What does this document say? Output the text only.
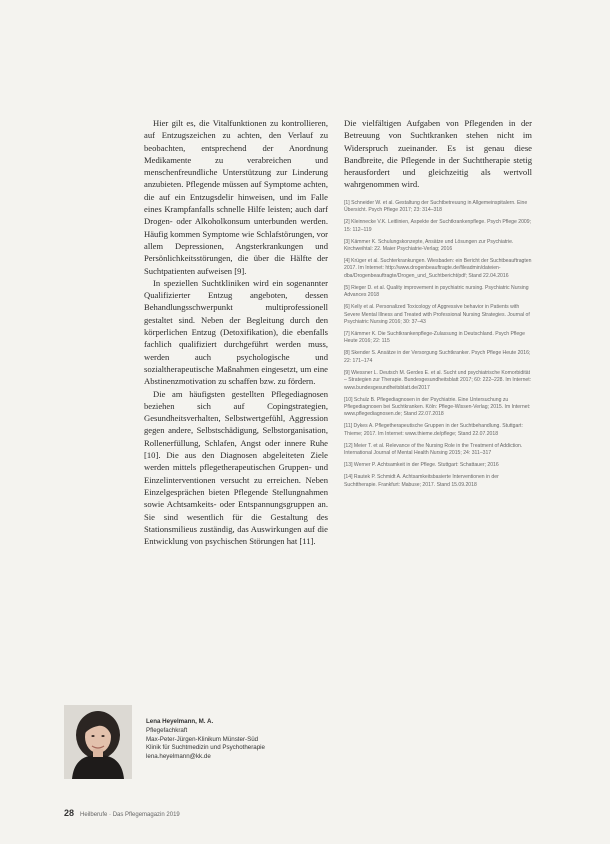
Hier gilt es, die Vitalfunktionen zu kontrollieren, auf Entzugszeichen zu achten, den Verlauf zu beobachten, entsprechend der Anordnung Medikamente zu verabreichen und menschenfreundliche Unterstützung zur Linderung anzubieten. Pflegende müssen auf Symptome achten, die auf ein Entzugsdelir hinweisen, und im Falle eines Krampfanfalls schnelle Hilfe leisten; auch darf Drogen- oder Alkoholkonsum unterbunden werden. Häufig kommen Symptome wie Schlafstörungen, vor allem Depressionen, Angsterkrankungen und Persönlichkeitsstörungen, die über die Hälfte der Suchtpatienten aufweisen [9].

In speziellen Suchtkliniken wird ein sogenannter Qualifizierter Entzug angeboten, dessen Behandlungsschwerpunkt multiprofessionell gestaltet sind. Neben der Begleitung durch den körperlichen Entzug (Detoxifikation), die ebenfalls fachlich qualifiziert durchgeführt werden muss, werden auch psychologische und sozialtherapeutische Maßnahmen eingesetzt, um eine Abstinenzmotivation zu schaffen bzw. zu fördern.

Die am häufigsten gestellten Pflegediagnosen beziehen sich auf Copingstrategien, Gesundheitsverhalten, Selbstwertgefühl, Aggression gegen andere, Selbstschädigung, Selbstorganisation, Rollenerfüllung, Schlafen, Angst oder innere Ruhe [10]. Die aus den Diagnosen abgeleiteten Ziele werden mittels pflegetherapeutischen Gruppen- und Einzelinterventionen versucht zu erreichen. Neben Einzelgesprächen bieten Pflegende Stellungnahmen sowie Achtsamkeits- oder Entspannungsgruppen an. Sie sind wesentlich für die Gestaltung des Stationsmilieus zuständig, das Auswirkungen auf die Entwicklung von psychischen Störungen hat [11].

Die vielfältigen Aufgaben von Pflegenden in der Betreuung von Suchtkranken stehen nicht im Widerspruch zueinander. Es ist genau diese Bandbreite, die Pflegende in der Suchttherapie stetig herausfordert und gleichzeitig als wertvoll wahrgenommen wird.

[1] Schneider W. et al. Gestaltung der Suchtbetreuung in Allgemeinspitalern. Eine Übersicht. Psych Pflege 2017; 23: 314–318

[2] Kleinnecke V.K. Leitlinien, Aspekte der Suchtkrankenpflege. Psych Pflege 2009; 15: 112–119

[3] Kämmer K. Schulungskonzepte, Ansätze und Lösungen zur Psychiatrie. Kirchweihtal: 22. Maier Psychiatrie-Verlag; 2016

[4] Krüger et al. Suchterkrankungen. Wiesbaden: ein Bericht der Suchtbeauftragten 2017. Im Internet: http://www.drogenbeauftragte.de/fileadmin/dateien-dba/Drogenbeauftragte/Drogen_und_Suchtbericht/pdf; Stand 22.04.2016

[5] Rieger D. et al. Quality improvement in psychiatric nursing. Psychiatric Nursing Advances 2018

[6] Kelly et al. Personalized Toxicology of Aggressive behavior in Patients with Severe Mental Illness and Treated with Professional Nursing Strategies. Journal of Psychiatric Nursing 2016; 30: 37–43

[7] Kämmer K. Die Suchtkrankenpflege-Zulassung in Deutschland. Psych Pflege Heute 2016; 22: 115

[8] Skender S. Ansätze in der Versorgung Suchtkranker. Psych Pflege Heute 2016; 22: 171–174

[9] Wiessner L. Deutsch M. Gerdes E. et al. Sucht und psychiatrische Komorbidität – Strategien zur Therapie. Bundesgesundheitsblatt 2017; 60: 222–228. Im Internet: www.bundesgesundheitsblatt.de/2017

[10] Schulz B. Pflegediagnosen in der Psychiatrie. Eine Untersuchung zu Pflegediagnosen bei Suchtkranken. Köln: Pflege-Wissen-Verlag; 2015. Im Internet: www.pflegediagnosen.de; Stand 22.07.2018

[11] Dykes A. Pflegetherapeutische Gruppen in der Suchtbehandlung. Stuttgart: Thieme; 2017. Im Internet: www.thieme.de/pflege; Stand 22.07.2018

[12] Meier T. et al. Relevance of the Nursing Role in the Treatment of Addiction. International Journal of Mental Health Nursing 2015; 24: 311–317

[13] Werner P. Achtsamkeit in der Pflege. Stuttgart: Schattauer; 2016

[14] Rautek P. Schmidt A. Achtsamkeitsbasierte Interventionen in der Suchttherapie. Frankfurt: Mabuse; 2017. Stand 15.09.2018

Lena Heyelmann, M. A.
Pflegefachkraft
Max-Peter-Jürgen-Klinikum Münster-Süd
Klinik für Suchtmedizin und Psychotherapie
lena.heyelmann@kk.de
28 Heilberufe · Das Pflegemagazin 2019
